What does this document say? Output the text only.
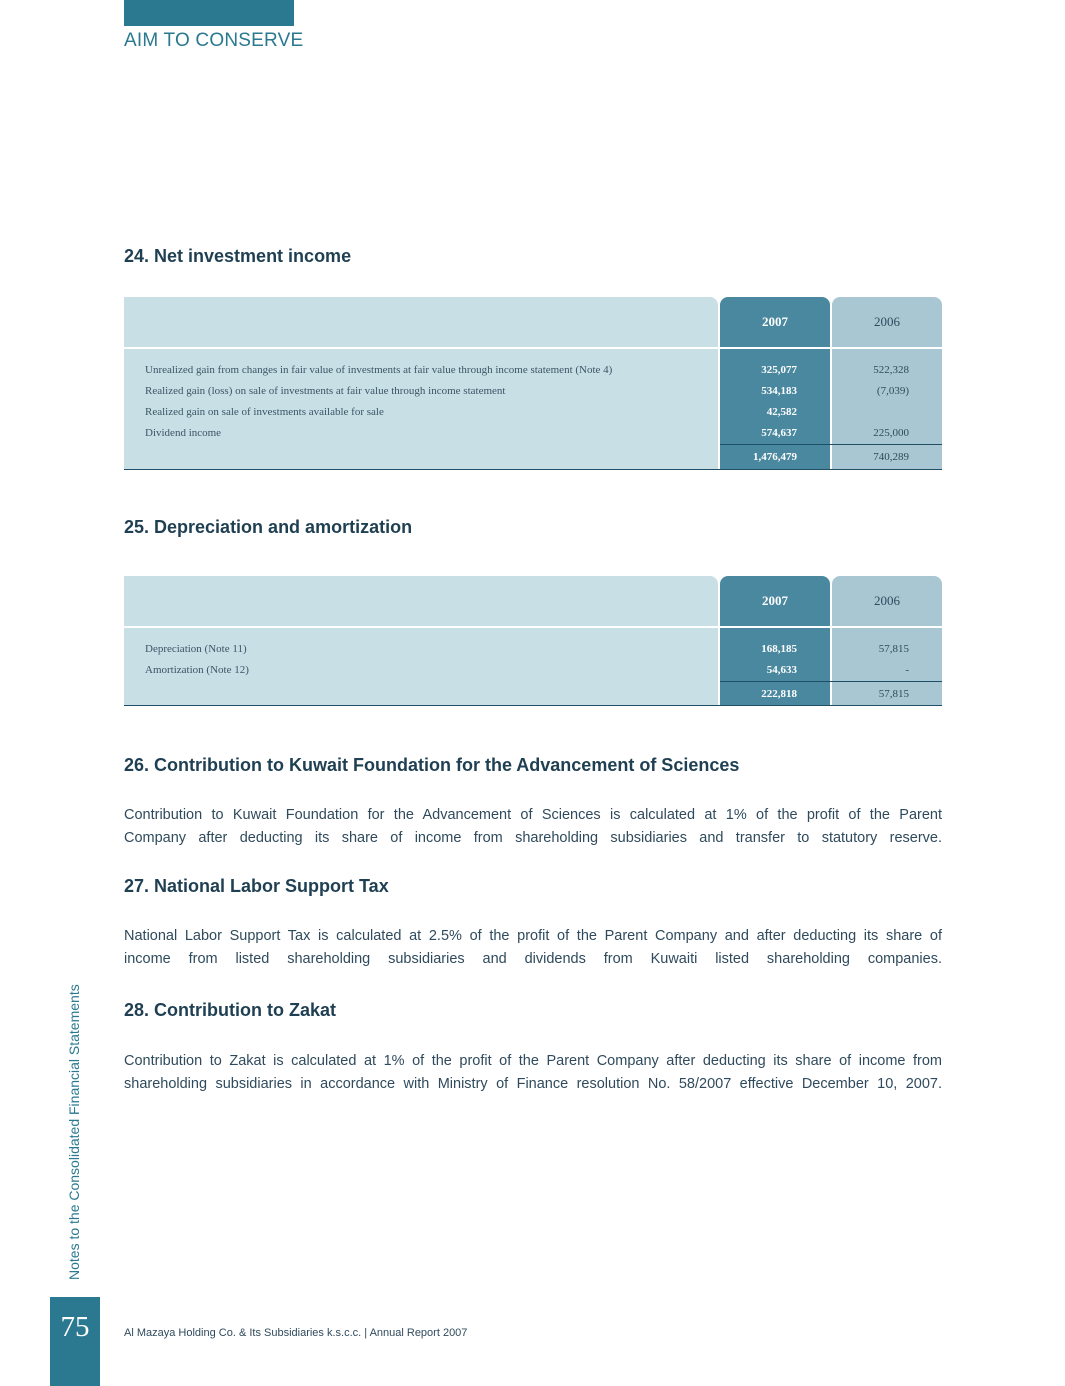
AIM TO CONSERVE
24. Net investment income
2007	2006
Unrealized gain from changes in fair value of investments at fair value through income statement (Note 4)	325,077	522,328
Realized gain (loss) on sale of investments at fair value through income statement	534,183	(7,039)
Realized gain on sale of investments available for sale	42,582
Dividend income	574,637	225,000
1,476,479	740,289
25. Depreciation and amortization
2007	2006
Depreciation (Note 11)	168,185	57,815
Amortization (Note 12)	54,633	-
222,818	57,815
26. Contribution to Kuwait Foundation for the Advancement of Sciences
Contribution to Kuwait Foundation for the Advancement of Sciences is calculated at 1% of the profit of the Parent
Company after deducting its share of income from shareholding subsidiaries and transfer to statutory reserve.
27. National Labor Support Tax
National Labor Support Tax is calculated at 2.5% of the profit of the Parent Company and after deducting its share of
income from listed shareholding subsidiaries and dividends from Kuwaiti listed shareholding companies.
28. Contribution to Zakat
Contribution to Zakat is calculated at 1% of the profit of the Parent Company after deducting its share of income from
shareholding subsidiaries in accordance with Ministry of Finance resolution No. 58/2007 effective December 10, 2007.
Notes to the Consolidated Financial Statements
75	Al Mazaya Holding Co. & Its Subsidiaries k.s.c.c. | Annual Report 2007
